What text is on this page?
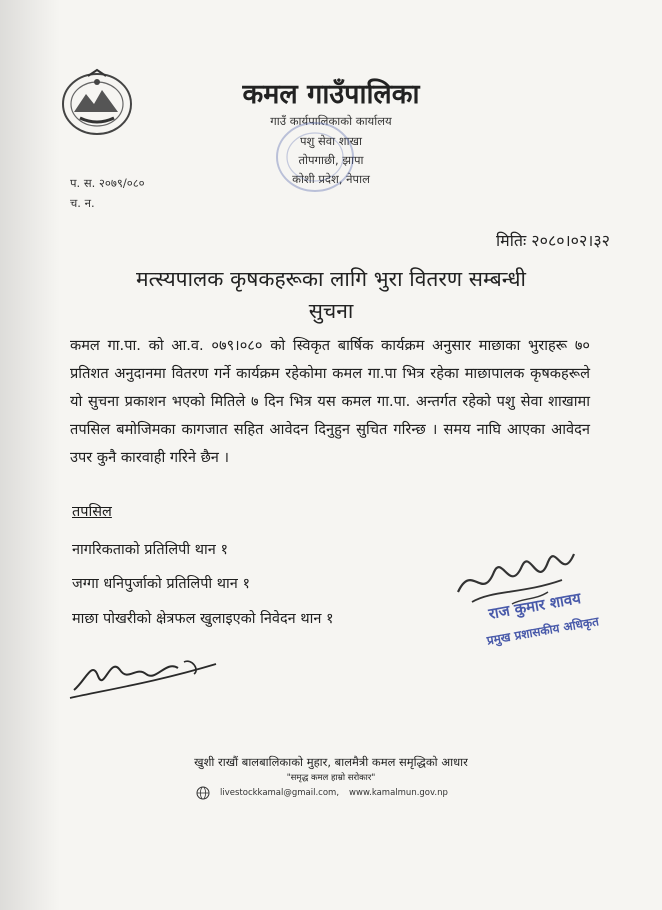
कमल गाउँपालिका
गाउँ कार्यपालिकाको कार्यालय
पशु सेवा शाखा
तोपगाछी, झापा
कोशी प्रदेश, नेपाल
प. स. २०७९/०८०
च. न.
मितिः २०८०।०२।३२
मत्स्यपालक कृषकहरूका लागि भुरा वितरण सम्बन्धी
सुचना
कमल गा.पा. को आ.व. ०७९।०८० को स्विकृत बार्षिक कार्यक्रम अनुसार माछाका भुराहरू ७० प्रतिशत अनुदानमा वितरण गर्ने कार्यक्रम रहेकोमा कमल गा.पा भित्र रहेका माछापालक कृषकहरूले यो सुचना प्रकाशन भएको मितिले ७ दिन भित्र यस कमल गा.पा. अन्तर्गत रहेको पशु सेवा शाखामा तपसिल बमोजिमका कागजात सहित आवेदन दिनुहुन सुचित गरिन्छ । समय नाघि आएका आवेदन उपर कुनै कारवाही गरिने छैन ।
तपसिल
नागरिकताको प्रतिलिपी थान १
जग्गा धनिपुर्जाको प्रतिलिपी थान १
माछा पोखरीको क्षेत्रफल खुलाइएको निवेदन थान १	राज कुमार शावय
प्रमुख प्रशासकीय अधिकृत
खुशी राखौं बालबालिकाको मुहार, बालमैत्री कमल समृद्धिको आधार
"समृद्ध कमल हाम्रो सरोकार"
livestockkamal@gmail.com, www.kamalmun.gov.np
